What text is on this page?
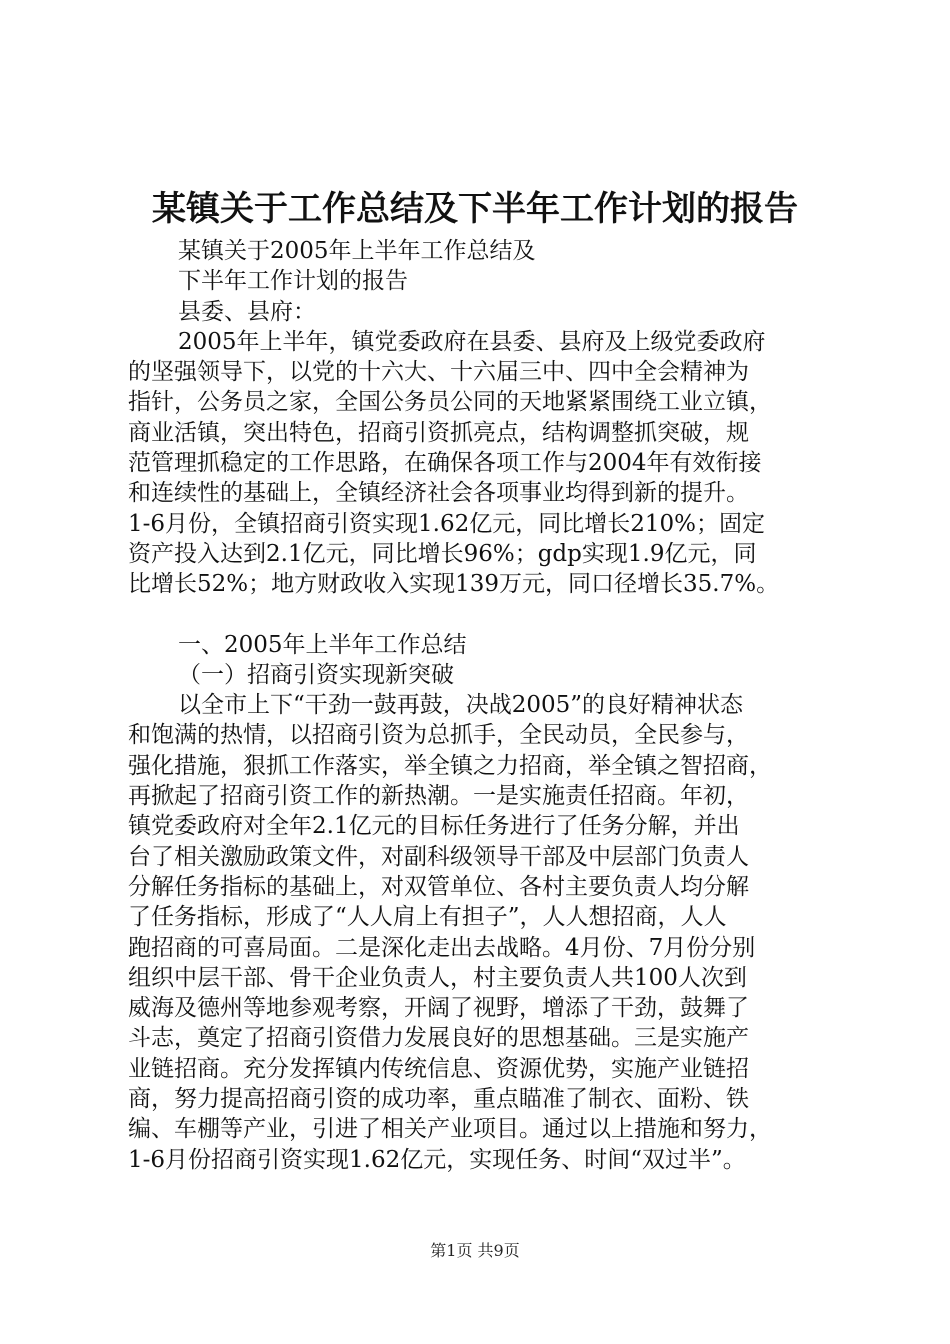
某镇关于工作总结及下半年工作计划的报告

某镇关于2005年上半年工作总结及

下半年工作计划的报告

县委、县府：

2005年上半年，镇党委政府在县委、县府及上级党委政府

的坚强领导下，以党的十六大、十六届三中、四中全会精神为

指针，公务员之家，全国公务员公同的天地紧紧围绕工业立镇，

商业活镇，突出特色，招商引资抓亮点，结构调整抓突破，规

范管理抓稳定的工作思路，在确保各项工作与2004年有效衔接

和连续性的基础上，全镇经济社会各项事业均得到新的提升。

1-6月份，全镇招商引资实现1.62亿元，同比增长210%；固定

资产投入达到2.1亿元，同比增长96%；gdp实现1.9亿元，同

比增长52%；地方财政收入实现139万元，同口径增长35.7%。

一、2005年上半年工作总结

（一）招商引资实现新突破

以全市上下“干劲一鼓再鼓，决战2005”的良好精神状态

和饱满的热情，以招商引资为总抓手，全民动员，全民参与，

强化措施，狠抓工作落实，举全镇之力招商，举全镇之智招商，

再掀起了招商引资工作的新热潮。一是实施责任招商。年初，

镇党委政府对全年2.1亿元的目标任务进行了任务分解，并出

台了相关激励政策文件，对副科级领导干部及中层部门负责人

分解任务指标的基础上，对双管单位、各村主要负责人均分解

了任务指标，形成了“人人肩上有担子”，人人想招商，人人

跑招商的可喜局面。二是深化走出去战略。4月份、7月份分别

组织中层干部、骨干企业负责人，村主要负责人共100人次到

威海及德州等地参观考察，开阔了视野，增添了干劲，鼓舞了

斗志，奠定了招商引资借力发展良好的思想基础。三是实施产

业链招商。充分发挥镇内传统信息、资源优势，实施产业链招

商，努力提高招商引资的成功率，重点瞄准了制衣、面粉、铁

编、车棚等产业，引进了相关产业项目。通过以上措施和努力，

1-6月份招商引资实现1.62亿元，实现任务、时间“双过半”。

第1页 共9页
